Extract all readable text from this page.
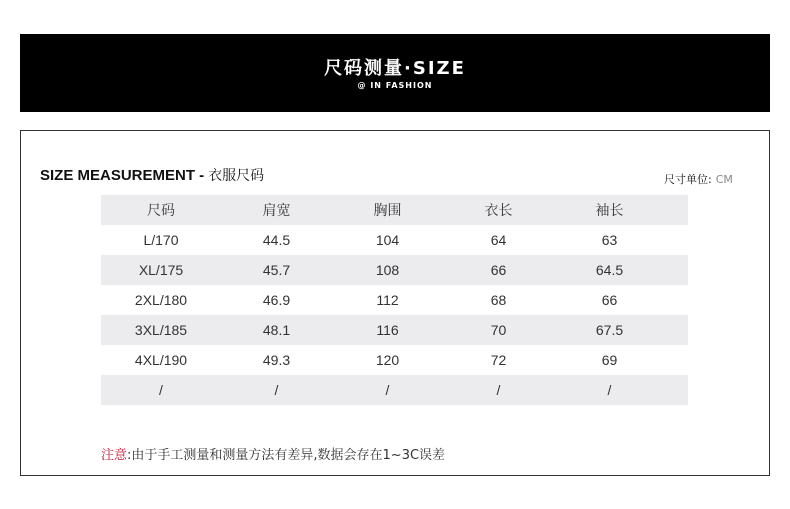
尺码测量·SIZE
@ IN FASHION
SIZE MEASUREMENT - 衣服尺码	尺寸单位: CM
尺码	肩宽	胸围	衣长	袖长
L/170	44.5	104	64	63
XL/175	45.7	108	66	64.5
2XL/180	46.9	112	68	66
3XL/185	48.1	116	70	67.5
4XL/190	49.3	120	72	69
/	/	/	/	/
注意:由于手工测量和测量方法有差异,数据会存在1~3C误差
